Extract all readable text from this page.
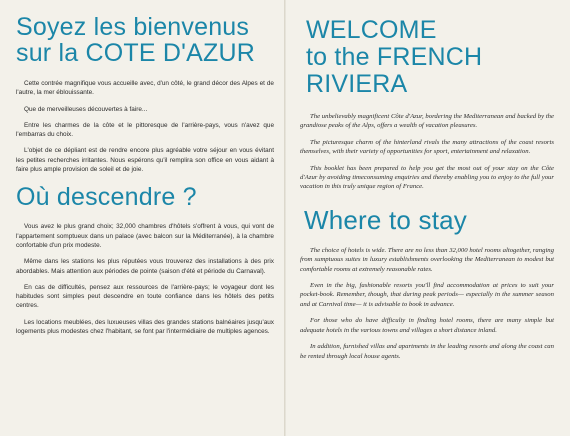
Soyez les bienvenus
sur la COTE D'AZUR

Cette contrée magnifique vous accueille avec, d'un côté, le grand décor des Alpes et de l'autre, la mer éblouissante.

Que de merveilleuses découvertes à faire...

Entre les charmes de la côte et le pittoresque de l'arrière-pays, vous n'avez que l'embarras du choix.

L'objet de ce dépliant est de rendre encore plus agréable votre séjour en vous évitant les petites recherches irritantes. Nous espérons qu'il remplira son office en vous aidant à faire plus ample provision de soleil et de joie.

Où descendre ?

Vous avez le plus grand choix; 32,000 chambres d'hôtels s'offrent à vous, qui vont de l'appartement somptueux dans un palace (avec balcon sur la Méditerranée), à la chambre confortable d'un prix modeste.

Même dans les stations les plus réputées vous trouverez des installations à des prix abordables. Mais attention aux périodes de pointe (saison d'été et période du Carnaval).

En cas de difficultés, pensez aux ressources de l'arrière-pays; le voyageur dont les habitudes sont simples peut descendre en toute confiance dans les hôtels des petits centres.

Les locations meublées, des luxueuses villas des grandes stations balnéaires jusqu'aux logements plus modestes chez l'habitant, se font par l'intermédiaire de multiples agences.

WELCOME
to the FRENCH RIVIERA

The unbelievably magnificent Côte d'Azur, bordering the Mediterranean and backed by the grandiose peaks of the Alps, offers a wealth of vacation pleasures.

The picturesque charm of the hinterland rivals the many attractions of the coast resorts themselves, with their variety of opportunities for sport, entertainment and relaxation.

This booklet has been prepared to help you get the most out of your stay on the Côte d'Azur by avoiding timeconsuming enquiries and thereby enabling you to enjoy to the full your vacation in this truly unique region of France.

Where to stay

The choice of hotels is wide. There are no less than 32,000 hotel rooms altogether, ranging from sumptuous suites in luxury establishments overlooking the Mediterranean to modest but comfortable rooms at extremely reasonable rates.

Even in the big, fashionable resorts you'll find accommodation at prices to suit your pocket-book. Remember, though, that during peak periods— especially in the summer season and at Carnival time— it is advisable to book in advance.

For those who do have difficulty in finding hotel rooms, there are many simple but adequate hotels in the various towns and villages a short distance inland.

In addition, furnished villas and apartments in the leading resorts and along the coast can be rented through local house agents.
